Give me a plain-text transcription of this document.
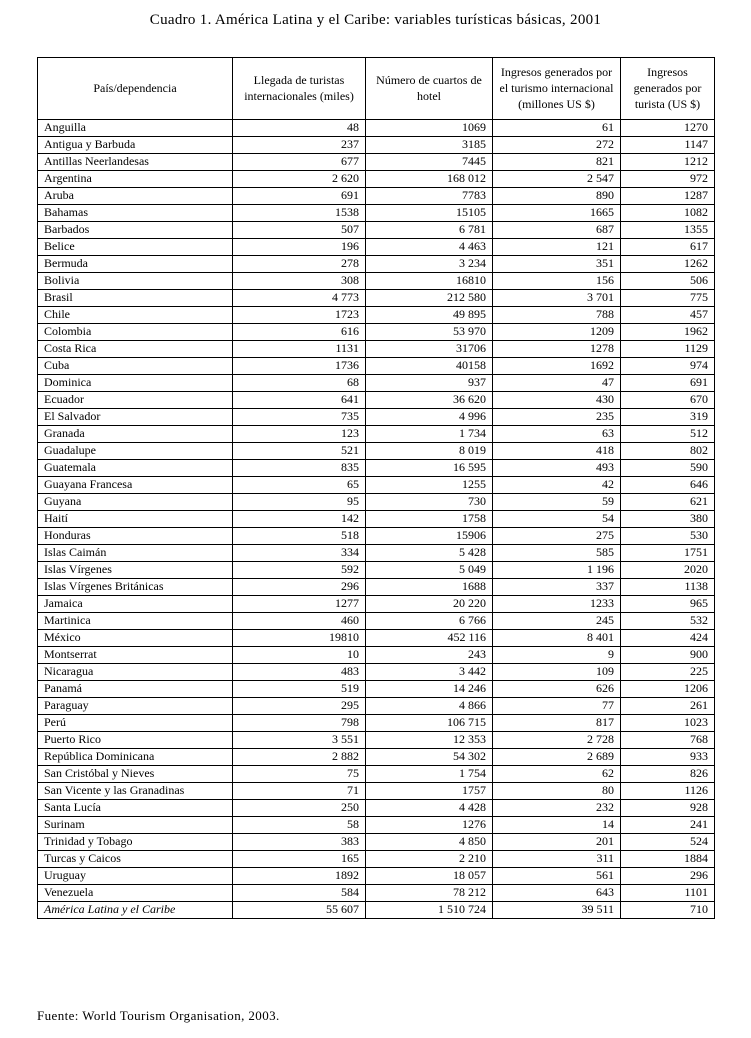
Cuadro 1. América Latina y el Caribe: variables turísticas básicas, 2001
País/dependencia	Llegada de turistas internacionales (miles)	Número de cuartos de hotel	Ingresos generados por el turismo internacional (millones US $)	Ingresos generados por turista (US $)
Anguilla	48	1069	61	1270
Antigua y Barbuda	237	3185	272	1147
Antillas Neerlandesas	677	7445	821	1212
Argentina	2 620	168 012	2 547	972
Aruba	691	7783	890	1287
Bahamas	1538	15105	1665	1082
Barbados	507	6 781	687	1355
Belice	196	4 463	121	617
Bermuda	278	3 234	351	1262
Bolivia	308	16810	156	506
Brasil	4 773	212 580	3 701	775
Chile	1723	49 895	788	457
Colombia	616	53 970	1209	1962
Costa Rica	1131	31706	1278	1129
Cuba	1736	40158	1692	974
Dominica	68	937	47	691
Ecuador	641	36 620	430	670
El Salvador	735	4 996	235	319
Granada	123	1 734	63	512
Guadalupe	521	8 019	418	802
Guatemala	835	16 595	493	590
Guayana Francesa	65	1255	42	646
Guyana	95	730	59	621
Haití	142	1758	54	380
Honduras	518	15906	275	530
Islas Caimán	334	5 428	585	1751
Islas Vírgenes	592	5 049	1 196	2020
Islas Vírgenes Británicas	296	1688	337	1138
Jamaica	1277	20 220	1233	965
Martinica	460	6 766	245	532
México	19810	452 116	8 401	424
Montserrat	10	243	9	900
Nicaragua	483	3 442	109	225
Panamá	519	14 246	626	1206
Paraguay	295	4 866	77	261
Perú	798	106 715	817	1023
Puerto Rico	3 551	12 353	2 728	768
República Dominicana	2 882	54 302	2 689	933
San Cristóbal y Nieves	75	1 754	62	826
San Vicente y las Granadinas	71	1757	80	1126
Santa Lucía	250	4 428	232	928
Surinam	58	1276	14	241
Trinidad y Tobago	383	4 850	201	524
Turcas y Caicos	165	2 210	311	1884
Uruguay	1892	18 057	561	296
Venezuela	584	78 212	643	1101
América Latina y el Caribe	55 607	1 510 724	39 511	710
Fuente: World Tourism Organisation, 2003.
